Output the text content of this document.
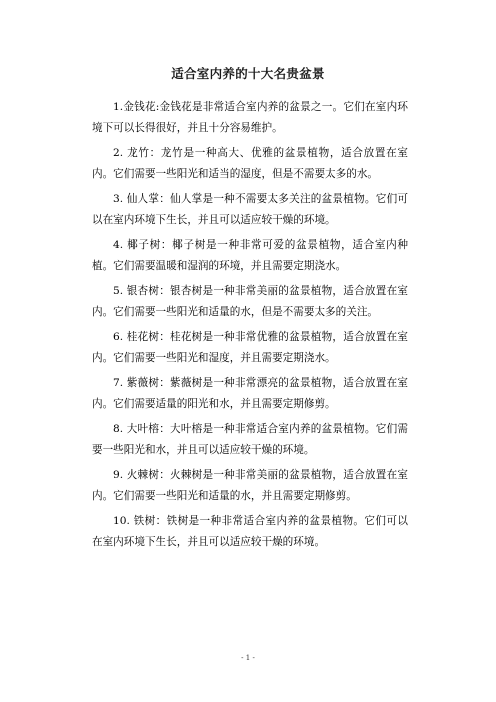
适合室内养的十大名贵盆景

1.金钱花:金钱花是非常适合室内养的盆景之一。它们在室内环境下可以长得很好，并且十分容易维护。

2. 龙竹：龙竹是一种高大、优雅的盆景植物，适合放置在室内。它们需要一些阳光和适当的湿度，但是不需要太多的水。

3. 仙人掌：仙人掌是一种不需要太多关注的盆景植物。它们可以在室内环境下生长，并且可以适应较干燥的环境。

4. 椰子树：椰子树是一种非常可爱的盆景植物，适合室内种植。它们需要温暖和湿润的环境，并且需要定期浇水。

5. 银杏树：银杏树是一种非常美丽的盆景植物，适合放置在室内。它们需要一些阳光和适量的水，但是不需要太多的关注。

6. 桂花树：桂花树是一种非常优雅的盆景植物，适合放置在室内。它们需要一些阳光和湿度，并且需要定期浇水。

7. 紫薇树：紫薇树是一种非常漂亮的盆景植物，适合放置在室内。它们需要适量的阳光和水，并且需要定期修剪。

8. 大叶榕：大叶榕是一种非常适合室内养的盆景植物。它们需要一些阳光和水，并且可以适应较干燥的环境。

9. 火棘树：火棘树是一种非常美丽的盆景植物，适合放置在室内。它们需要一些阳光和适量的水，并且需要定期修剪。

10. 铁树：铁树是一种非常适合室内养的盆景植物。它们可以在室内环境下生长，并且可以适应较干燥的环境。

- 1 -
